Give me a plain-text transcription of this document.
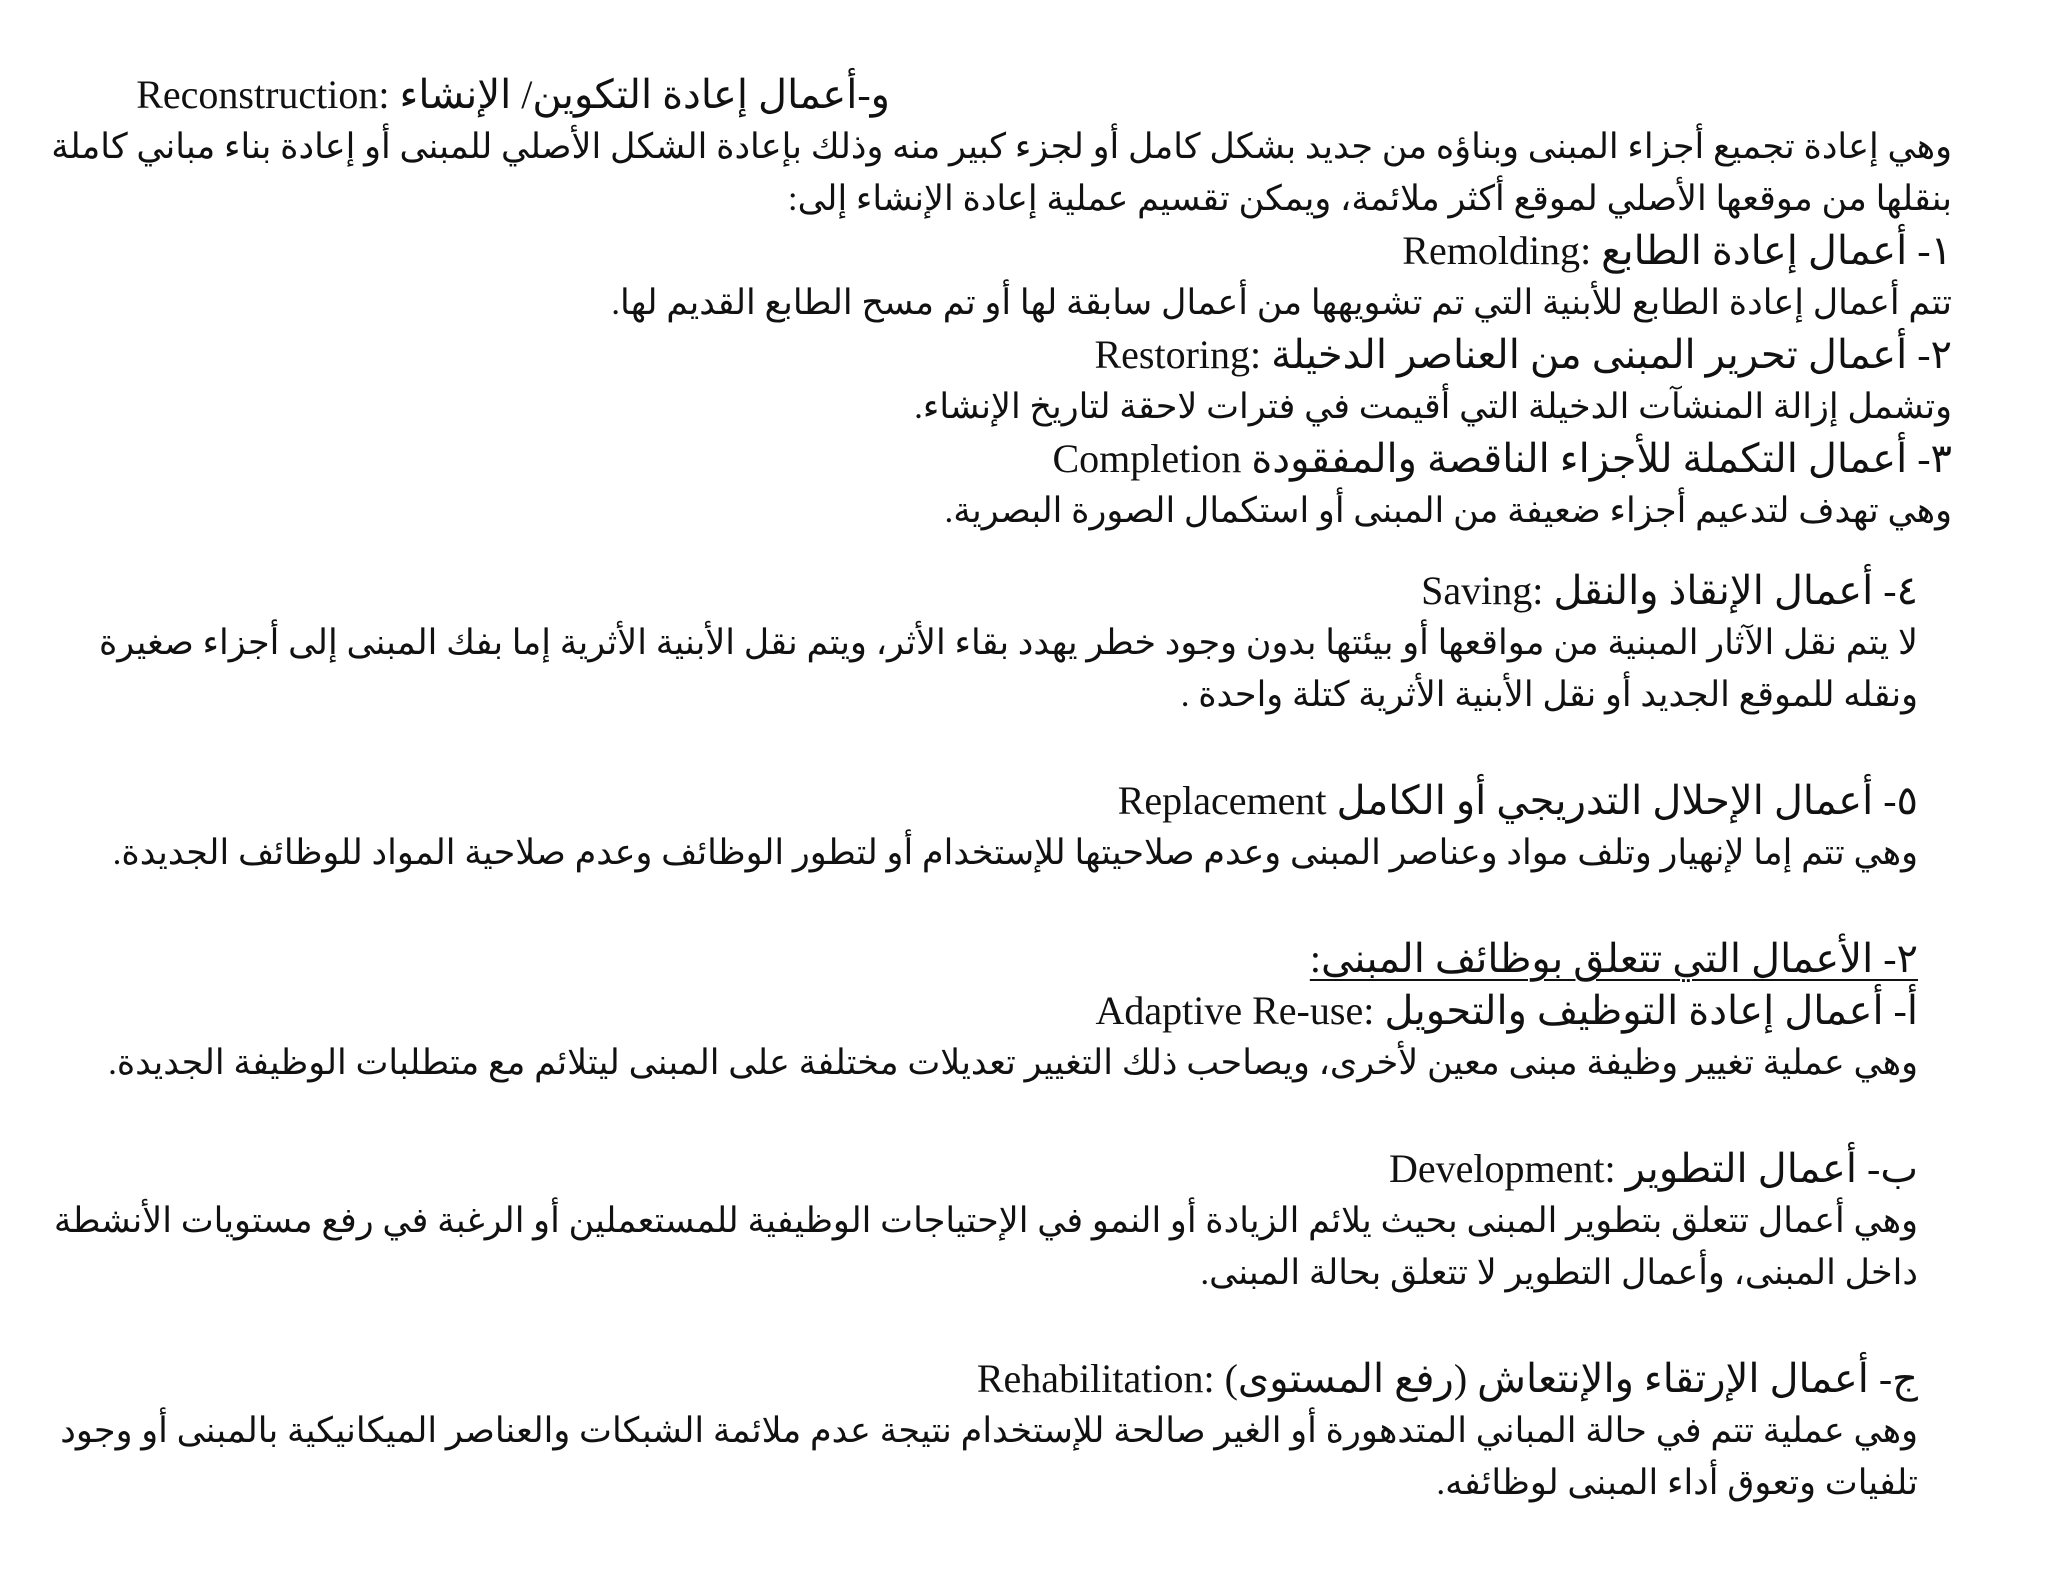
و-أعمال إعادة التكوين/ الإنشاء :Reconstruction

وهي إعادة تجميع أجزاء المبنى وبناؤه من جديد بشكل كامل أو لجزء كبير منه وذلك بإعادة الشكل الأصلي للمبنى أو إعادة بناء مباني كاملة

بنقلها من موقعها الأصلي لموقع أكثر ملائمة، ويمكن تقسيم عملية إعادة الإنشاء إلى:

١- أعمال إعادة الطابع :Remolding

تتم أعمال إعادة الطابع للأبنية التي تم تشويهها من أعمال سابقة لها أو تم مسح الطابع القديم لها.

٢- أعمال تحرير المبنى من العناصر الدخيلة :Restoring

وتشمل إزالة المنشآت الدخيلة التي أقيمت في فترات لاحقة لتاريخ الإنشاء.

٣- أعمال التكملة للأجزاء الناقصة والمفقودة Completion

وهي تهدف لتدعيم أجزاء ضعيفة من المبنى أو استكمال الصورة البصرية.

٤- أعمال الإنقاذ والنقل :Saving

لا يتم نقل الآثار المبنية من مواقعها أو بيئتها بدون وجود خطر يهدد بقاء الأثر، ويتم نقل الأبنية الأثرية إما بفك المبنى إلى أجزاء صغيرة

ونقله للموقع الجديد أو نقل الأبنية الأثرية كتلة واحدة .

٥- أعمال الإحلال التدريجي أو الكامل Replacement

وهي تتم إما لإنهيار وتلف مواد وعناصر المبنى وعدم صلاحيتها للإستخدام أو لتطور الوظائف وعدم صلاحية المواد للوظائف الجديدة.

٢- الأعمال التي تتعلق بوظائف المبنى:

أ- أعمال إعادة التوظيف والتحويل :Adaptive Re-use

وهي عملية تغيير وظيفة مبنى معين لأخرى، ويصاحب ذلك التغيير تعديلات مختلفة على المبنى ليتلائم مع متطلبات الوظيفة الجديدة.

ب- أعمال التطوير :Development

وهي أعمال تتعلق بتطوير المبنى بحيث يلائم الزيادة أو النمو في الإحتياجات الوظيفية للمستعملين أو الرغبة في رفع مستويات الأنشطة

داخل المبنى، وأعمال التطوير لا تتعلق بحالة المبنى.

ج- أعمال الإرتقاء والإنتعاش (رفع المستوى) :Rehabilitation

وهي عملية تتم في حالة المباني المتدهورة أو الغير صالحة للإستخدام نتيجة عدم ملائمة الشبكات والعناصر الميكانيكية بالمبنى أو وجود

تلفيات وتعوق أداء المبنى لوظائفه.
